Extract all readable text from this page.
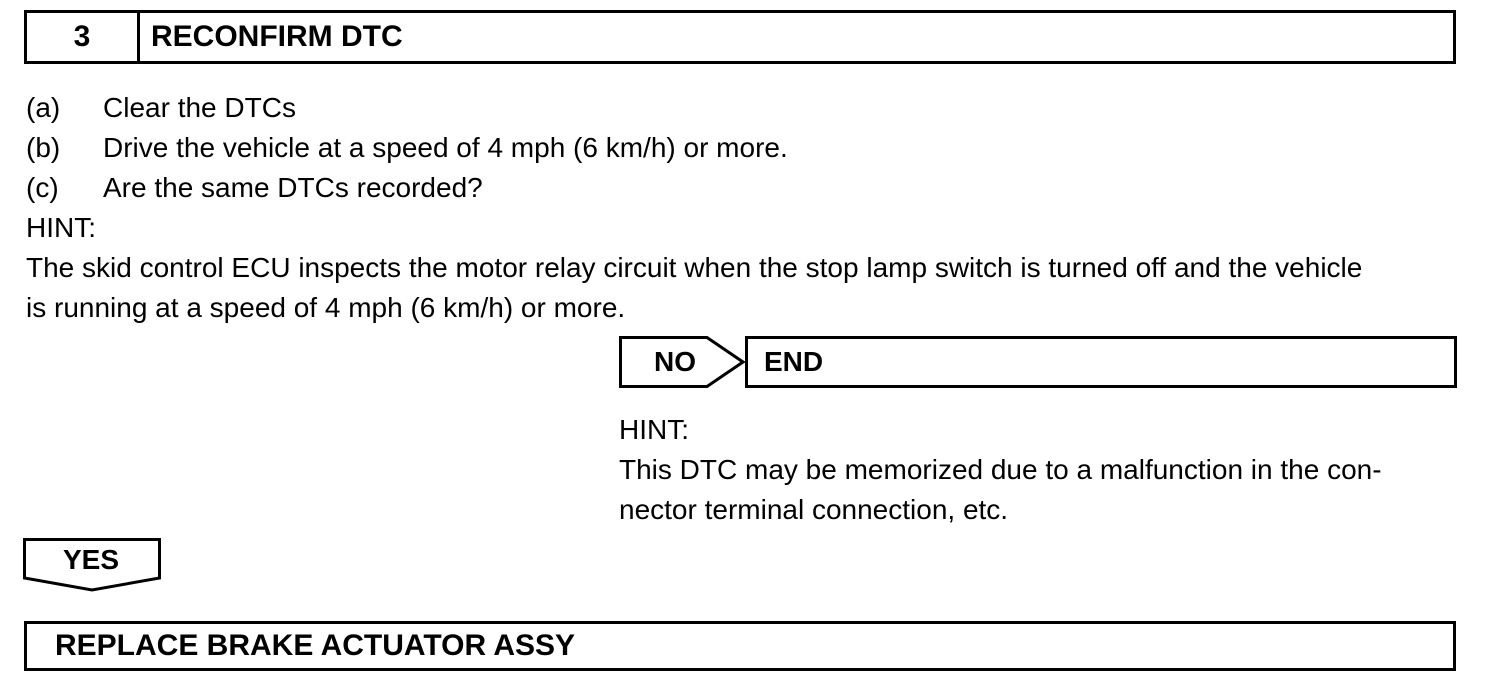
3	RECONFIRM DTC
(a) Clear the DTCs
(b) Drive the vehicle at a speed of 4 mph (6 km/h) or more.
(c) Are the same DTCs recorded?
HINT:
The skid control ECU inspects the motor relay circuit when the stop lamp switch is turned off and the vehicle
is running at a speed of 4 mph (6 km/h) or more.
NO	END
HINT:
This DTC may be memorized due to a malfunction in the con-
nector terminal connection, etc.
YES
REPLACE BRAKE ACTUATOR ASSY
